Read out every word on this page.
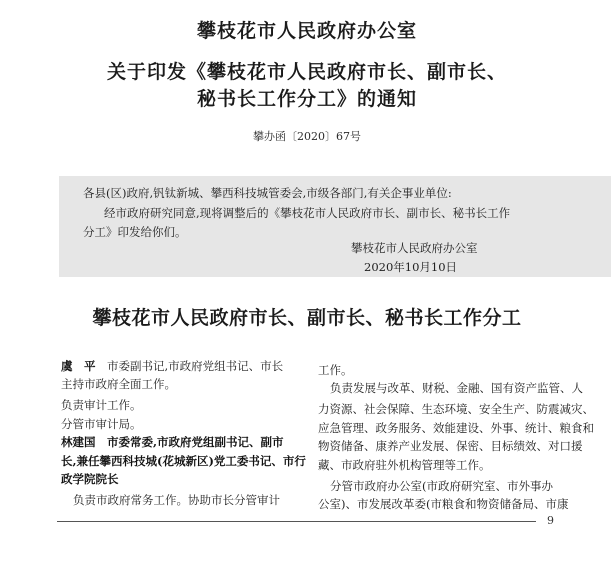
攀枝花市人民政府办公室
关于印发《攀枝花市人民政府市长、副市长、
秘书长工作分工》的通知
攀办函〔2020〕67号
各县(区)政府,钒钛新城、攀西科技城管委会,市级各部门,有关企事业单位:
经市政府研究同意,现将调整后的《攀枝花市人民政府市长、副市长、秘书长工作
分工》印发给你们。
攀枝花市人民政府办公室
2020年10月10日
攀枝花市人民政府市长、副市长、秘书长工作分工
虞　平　市委副书记,市政府党组书记、市长
主持市政府全面工作。
负责审计工作。
分管市审计局。
林建国　市委常委,市政府党组副书记、副市
长,兼任攀西科技城(花城新区)党工委书记、市行
政学院院长
负责市政府常务工作。协助市长分管审计
工作。
负责发展与改革、财税、金融、国有资产监管、人
力资源、社会保障、生态环境、安全生产、防震减灾、
应急管理、政务服务、效能建设、外事、统计、粮食和
物资储备、康养产业发展、保密、目标绩效、对口援
藏、市政府驻外机构管理等工作。
分管市政府办公室(市政府研究室、市外事办
公室)、市发展改革委(市粮食和物资储备局、市康
9
